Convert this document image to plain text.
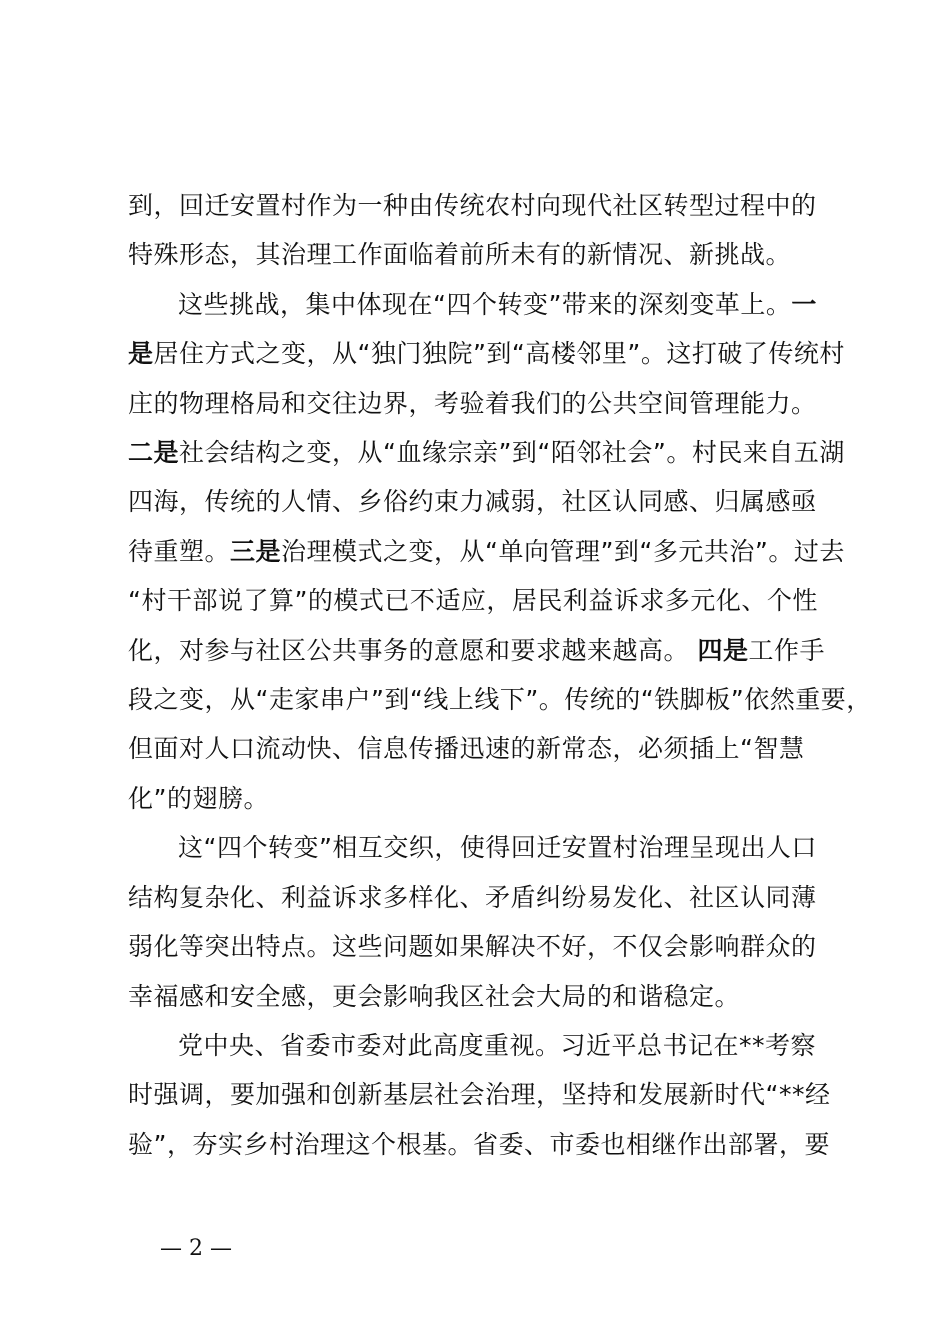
到，回迁安置村作为一种由传统农村向现代社区转型过程中的
特殊形态，其治理工作面临着前所未有的新情况、新挑战。

这些挑战，集中体现在“四个转变”带来的深刻变革上。一
是居住方式之变，从“独门独院”到“高楼邻里”。这打破了传统村
庄的物理格局和交往边界，考验着我们的公共空间管理能力。
二是社会结构之变，从“血缘宗亲”到“陌邻社会”。村民来自五湖
四海，传统的人情、乡俗约束力减弱，社区认同感、归属感亟
待重塑。三是治理模式之变，从“单向管理”到“多元共治”。过去
“村干部说了算”的模式已不适应，居民利益诉求多元化、个性
化，对参与社区公共事务的意愿和要求越来越高。 四是工作手
段之变，从“走家串户”到“线上线下”。传统的“铁脚板”依然重要，
但面对人口流动快、信息传播迅速的新常态，必须插上“智慧
化”的翅膀。

这“四个转变”相互交织，使得回迁安置村治理呈现出人口
结构复杂化、利益诉求多样化、矛盾纠纷易发化、社区认同薄
弱化等突出特点。这些问题如果解决不好，不仅会影响群众的
幸福感和安全感，更会影响我区社会大局的和谐稳定。

党中央、省委市委对此高度重视。习近平总书记在**考察
时强调，要加强和创新基层社会治理，坚持和发展新时代“**经
验”，夯实乡村治理这个根基。省委、市委也相继作出部署，要

— 2 —
